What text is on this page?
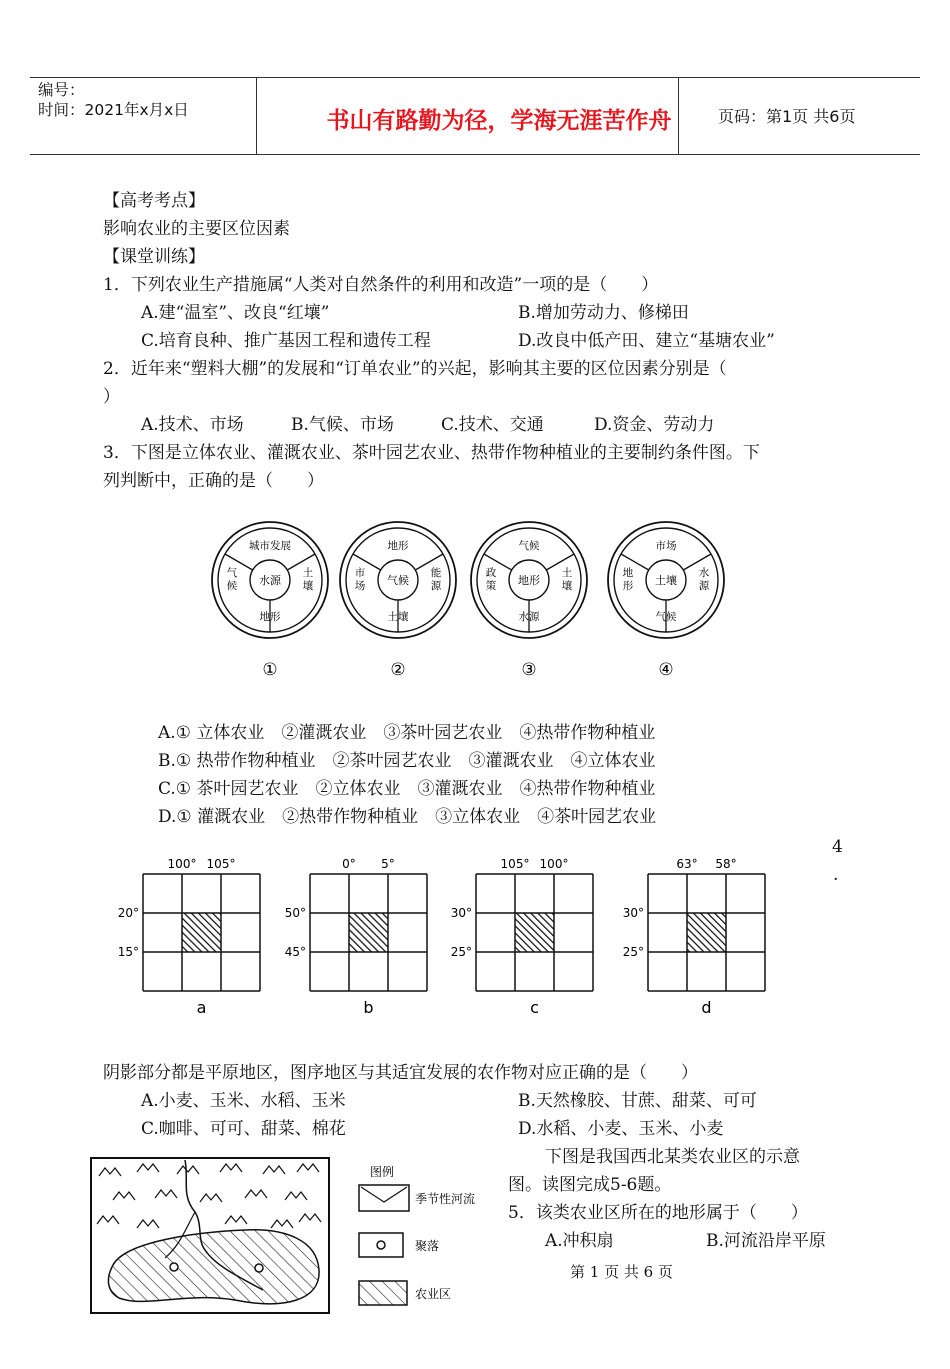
编号：
时间：2021年x月x日	书山有路勤为径，学海无涯苦作舟	页码：第1页 共6页
【高考考点】
影响农业的主要区位因素
【课堂训练】
1．下列农业生产措施属“人类对自然条件的利用和改造”一项的是（　　）
A.建“温室”、改良“红壤”	B.增加劳动力、修梯田
C.培育良种、推广基因工程和遗传工程	D.改良中低产田、建立“基塘农业”
2．近年来“塑料大棚”的发展和“订单农业”的兴起，影响其主要的区位因素分别是（
）
A.技术、市场	B.气候、市场	C.技术、交通	D.资金、劳动力
3．下图是立体农业、灌溉农业、茶叶园艺农业、热带作物种植业的主要制约条件图。下
列判断中，正确的是（　　）
水源
城市发展
地形
气候
土壤
①
气候
地形
土壤
市场
能源
②
地形
气候
水源
政策
土壤
③
土壤
市场
气候
地形
水源
④
A.① 立体农业　②灌溉农业　③茶叶园艺农业　④热带作物种植业
B.① 热带作物种植业　②茶叶园艺农业　③灌溉农业　④立体农业
C.① 茶叶园艺农业　②立体农业　③灌溉农业　④热带作物种植业
D.① 灌溉农业　②热带作物种植业　③立体农业　④茶叶园艺农业
4
.
100° 105°
20°
15°
a
0° 5°
50°
45°
b
105° 100°
30°
25°
c
63° 58°
30°
25°
d
阴影部分都是平原地区，图序地区与其适宜发展的农作物对应正确的是（　　）
A.小麦、玉米、水稻、玉米	B.天然橡胶、甘蔗、甜菜、可可
C.咖啡、可可、甜菜、棉花	D.水稻、小麦、玉米、小麦
图例
季节性河流
聚落
农业区
下图是我国西北某类农业区的示意
图。读图完成5-6题。
5．该类农业区所在的地形属于（　　）
A.冲积扇	B.河流沿岸平原
第 1 页 共 6 页
